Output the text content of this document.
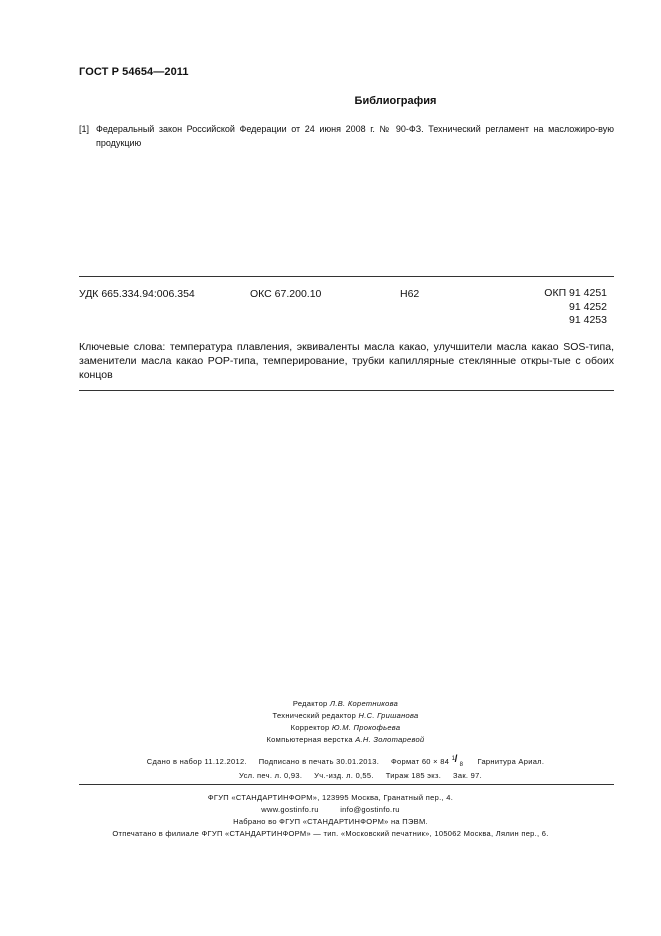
ГОСТ Р 54654—2011
Библиография
[1] Федеральный закон Российской Федерации от 24 июня 2008 г. № 90-ФЗ. Технический регламент на масложиро-вую продукцию
УДК 665.334.94:006.354	ОКС 67.200.10	Н62	ОКП 91 4251
91 4252
91 4253
Ключевые слова: температура плавления, эквиваленты масла какао, улучшители масла какао SOS-типа, заменители масла какао POP-типа, темперирование, трубки капиллярные стеклянные откры-тые с обоих концов
Редактор Л.В. Коретникова
Технический редактор Н.С. Гришанова
Корректор Ю.М. Прокофьева
Компьютерная верстка А.Н. Золотаревой
Сдано в набор 11.12.2012. Подписано в печать 30.01.2013. Формат 60 × 84 1 / 8 Гарнитура Ариал.
Усл. печ. л. 0,93. Уч.-изд. л. 0,55. Тираж 185 экз. Зак. 97.
ФГУП «СТАНДАРТИНФОРМ», 123995 Москва, Гранатный пер., 4.
www.gostinfo.ru	info@gostinfo.ru
Набрано во ФГУП «СТАНДАРТИНФОРМ» на ПЭВМ.
Отпечатано в филиале ФГУП «СТАНДАРТИНФОРМ» — тип. «Московский печатник», 105062 Москва, Лялин пер., 6.
